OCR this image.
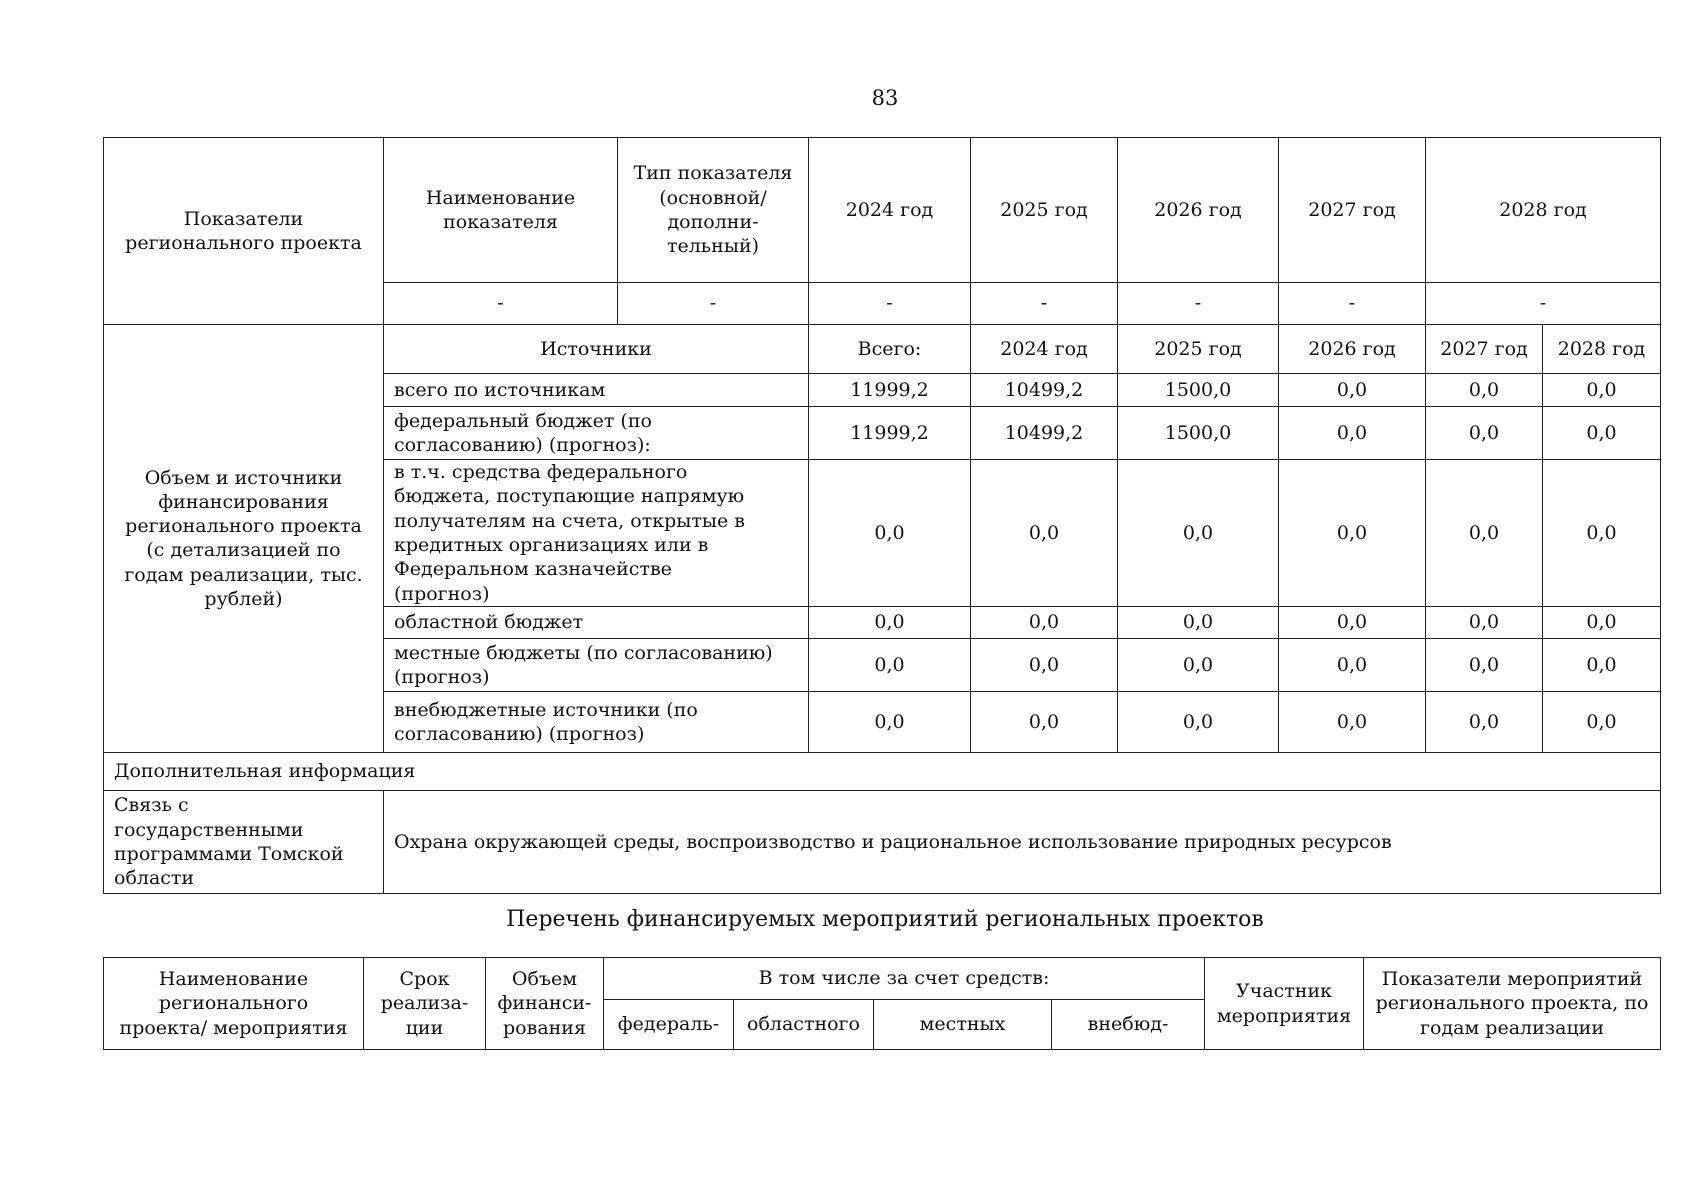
83
Показатели регионального проекта	Наименование показателя	Тип показателя (основной/ дополни-тельный)	2024 год	2025 год	2026 год	2027 год	2028 год	
	-	-	-	-	-	-	-	
Объем и источники финансирования регионального проекта (с детализацией по годам реализации, тыс. рублей)	Источники		Всего:	2024 год	2025 год	2026 год	2027 год	2028 год
	всего по источникам		11999,2	10499,2	1500,0	0,0	0,0	0,0
	федеральный бюджет (по согласованию) (прогноз):		11999,2	10499,2	1500,0	0,0	0,0	0,0
	в т.ч. средства федерального бюджета, поступающие напрямую получателям на счета, открытые в кредитных организациях или в Федеральном казначействе (прогноз)		0,0	0,0	0,0	0,0	0,0	0,0
	областной бюджет		0,0	0,0	0,0	0,0	0,0	0,0
	местные бюджеты (по согласованию) (прогноз)		0,0	0,0	0,0	0,0	0,0	0,0
	внебюджетные источники (по согласованию) (прогноз)		0,0	0,0	0,0	0,0	0,0	0,0
Дополнительная информация								
Связь с государственными программами Томской области	Охрана окружающей среды, воспроизводство и рациональное использование природных ресурсов							
Перечень финансируемых мероприятий региональных проектов
Наименование регионального проекта/ мероприятия	Срок реализа-ции	Объем финанси-рования	В том числе за счет средств:				Участник мероприятия	Показатели мероприятий регионального проекта, по годам реализации
			федераль-	областного	местных	внебюд-		
